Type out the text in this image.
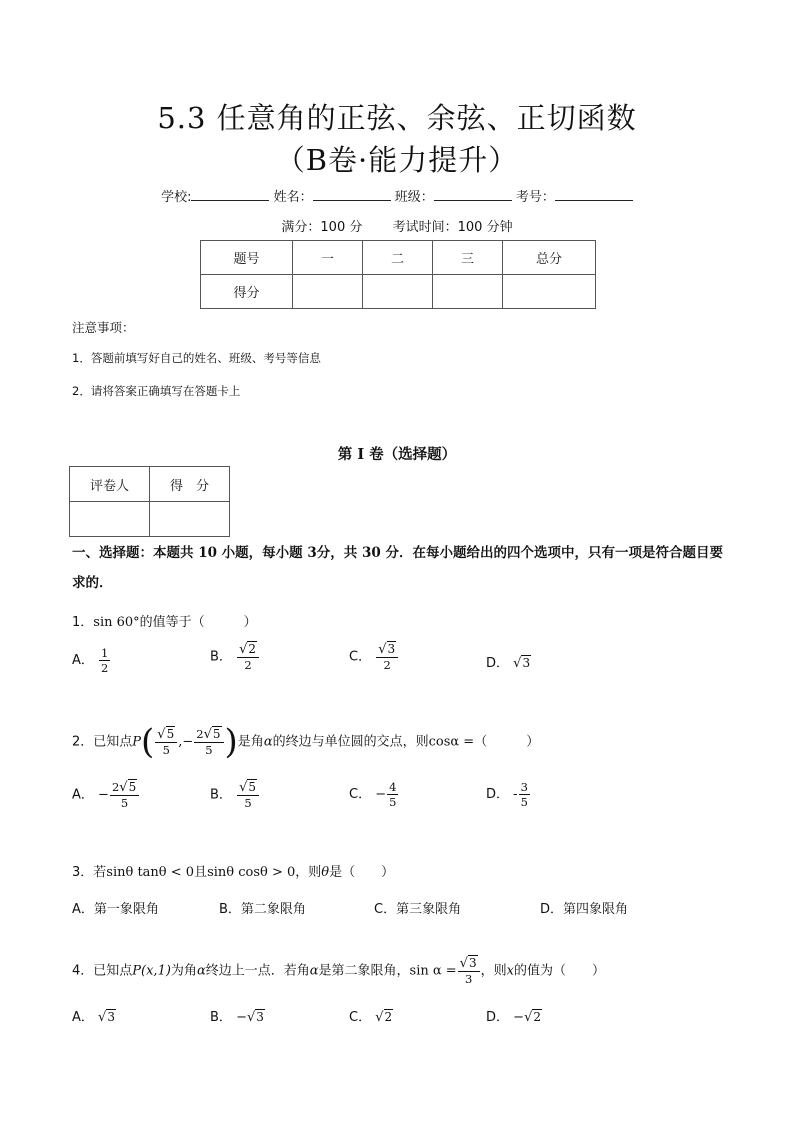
5.3 任意角的正弦、余弦、正切函数
（B卷·能力提升）
学校:	姓名：	班级：	考号：
满分：100 分 考试时间：100 分钟
题号	一	二	三	总分
得分				
注意事项：
1．答题前填写好自己的姓名、班级、考号等信息
2．请将答案正确填写在答题卡上
第 I 卷（选择题）
评卷人	得　分

一、选择题：本题共 10 小题，每小题 3分，共 30 分．在每小题给出的四个选项中，只有一项是符合题目要求的．
1．sin 60°的值等于（　　　）
A． $\frac{1}{2}$	B． $\frac{√2}{2}$	C． $\frac{√3}{2}$	D． √3
2．已知点$P( \frac{√5}{5}$ ,− $\frac{2√5}{5}$ )是角α的终边与单位圆的交点，则cosα =（　　　）
A． − $\frac{2√5}{5}$	B． $\frac{√5}{5}$	C． − $\frac{4}{5}$	D． - $\frac{3}{5}$
3．若sinθ tanθ < 0且sinθ cosθ > 0，则θ是（　　）
A．第一象限角	B．第二象限角	C．第三象限角	D．第四象限角
4．已知点P(x,1)为角α终边上一点．若角α是第二象限角，$\sin \alpha = \frac{√3}{3}$ ，则x的值为（　　）
A． √3	B． −√3	C． √2	D． −√2
